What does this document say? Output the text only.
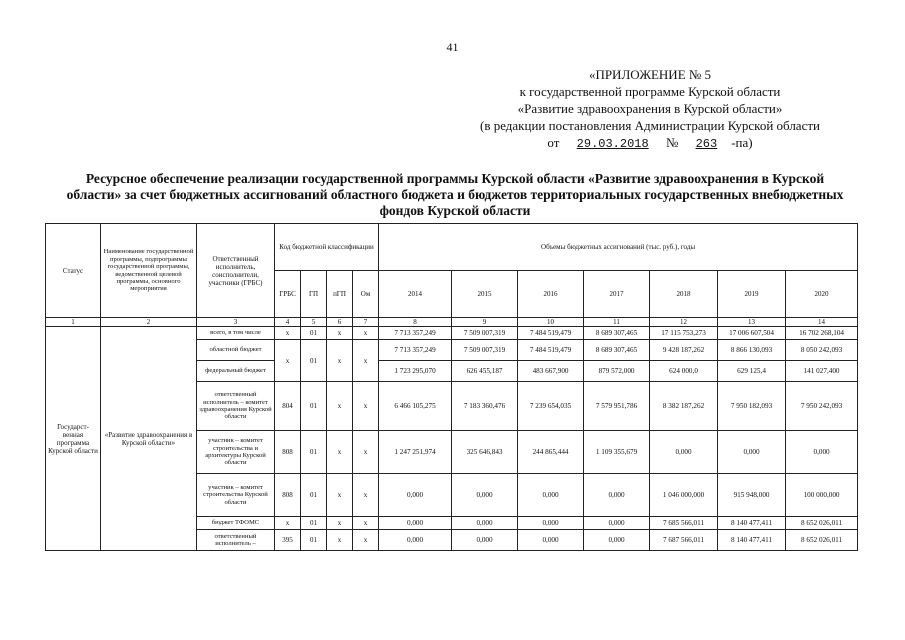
41
«ПРИЛОЖЕНИЕ № 5
к государственной программе Курской области
«Развитие здравоохранения в Курской области»
(в редакции постановления Администрации Курской области
от 29.03.2018 № 263 -па)
Ресурсное обеспечение реализации государственной программы Курской области «Развитие здравоохранения в Курской области» за счет бюджетных ассигнований областного бюджета и бюджетов территориальных государственных внебюджетных фондов Курской области
Статус	Наименование государственной программы, подпрограммы государственной программы, ведомственной целевой программы, основного мероприятия	Ответственный исполнитель, соисполнители, участники (ГРБС)	Код бюджетной классификации				Объемы бюджетных ассигнований (тыс. руб.), годы						
			ГРБС	ГП	пГП	Ом	2014	2015	2016	2017	2018	2019	2020
1	2	3	4	5	6	7	8	9	10	11	12	13	14
Государст-венная программа Курской области	«Развитие здравоохранения в Курской области»	всего, в том числе	x	01	x	x	7 713 357,249	7 509 007,319	7 484 519,479	8 689 307,465	17 115 753,273	17 006 607,504	16 702 268,104
		областной бюджет	x	01	x	x	7 713 357,249	7 509 007,319	7 484 519,479	8 689 307,465	9 428 187,262	8 866 130,093	8 050 242,093
		федеральный бюджет					1 723 295,070	626 455,187	483 667,900	879 572,000	624 000,0	629 125,4	141 027,400
		ответственный исполнитель – комитет здравоохранения Курской области	804	01	x	x	6 466 105,275	7 183 360,476	7 239 654,035	7 579 951,786	8 382 187,262	7 950 182,093	7 950 242,093
		участник – комитет строительства и архитектуры Курской области	808	01	x	x	1 247 251,974	325 646,843	244 865,444	1 109 355,679	0,000	0,000	0,000
		участник – комитет строительства Курской области	808	01	x	x	0,000	0,000	0,000	0,000	1 046 000,000	915 948,000	100 000,000
		бюджет ТФОМС	x	01	x	x	0,000	0,000	0,000	0,000	7 685 566,011	8 140 477,411	8 652 026,011
		ответственный исполнитель –	395	01	x	x	0,000	0,000	0,000	0,000	7 687 566,011	8 140 477,411	8 652 026,011
